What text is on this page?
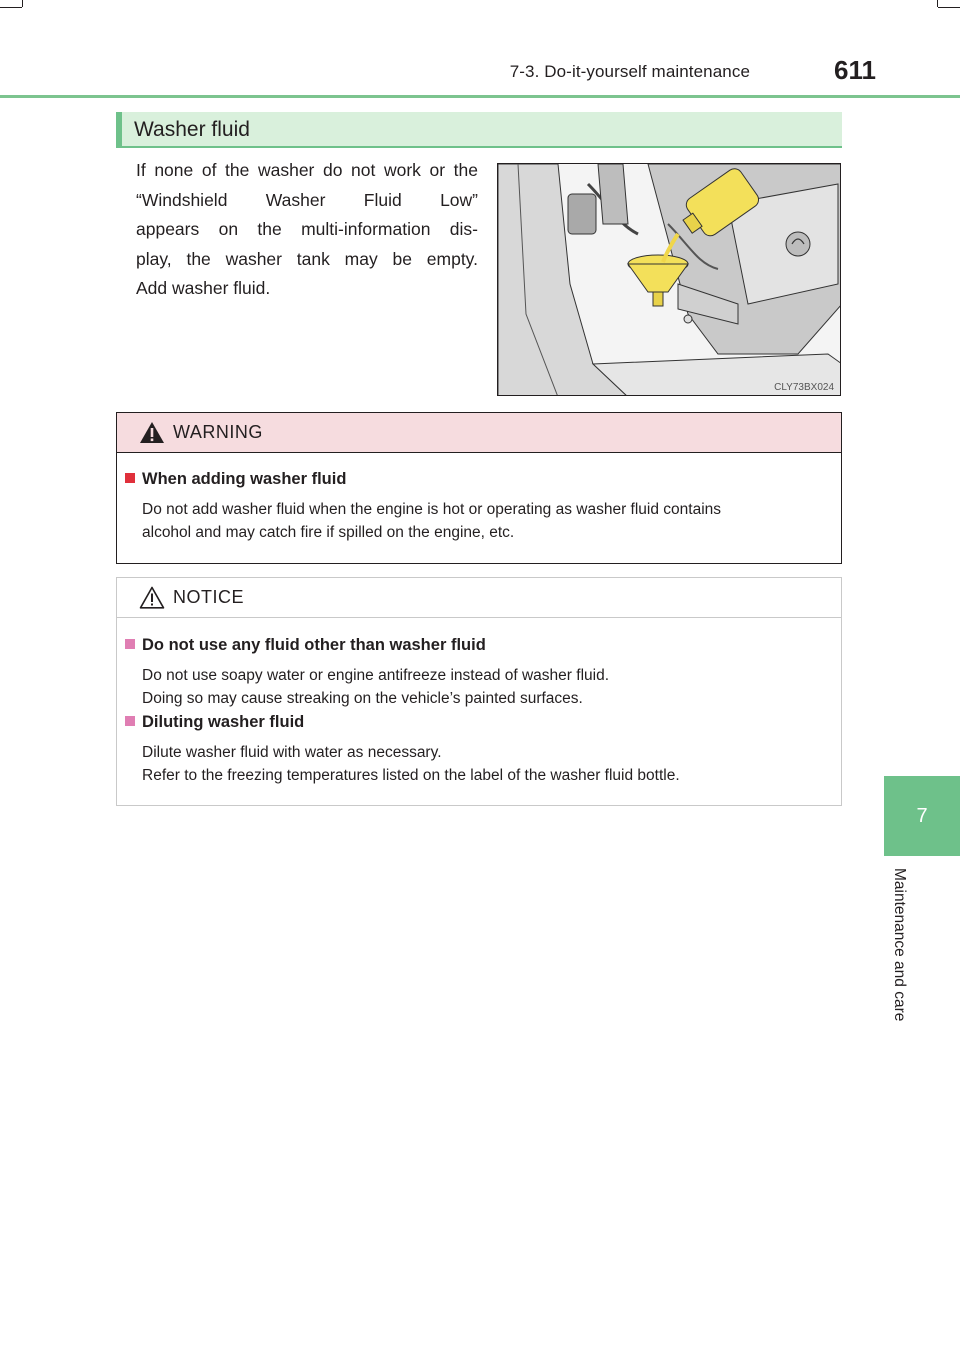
7-3. Do-it-yourself maintenance	611
7
Maintenance and care
Washer fluid
If none of the washer do not work or the
“Windshield Washer Fluid Low”
appears on the multi-information dis-
play, the washer tank may be empty.
Add washer fluid.
CLY73BX024
WARNING
When adding washer fluid
Do not add washer fluid when the engine is hot or operating as washer fluid contains
alcohol and may catch fire if spilled on the engine, etc.
NOTICE
Do not use any fluid other than washer fluid
Do not use soapy water or engine antifreeze instead of washer fluid.
Doing so may cause streaking on the vehicle’s painted surfaces.
Diluting washer fluid
Dilute washer fluid with water as necessary.
Refer to the freezing temperatures listed on the label of the washer fluid bottle.
